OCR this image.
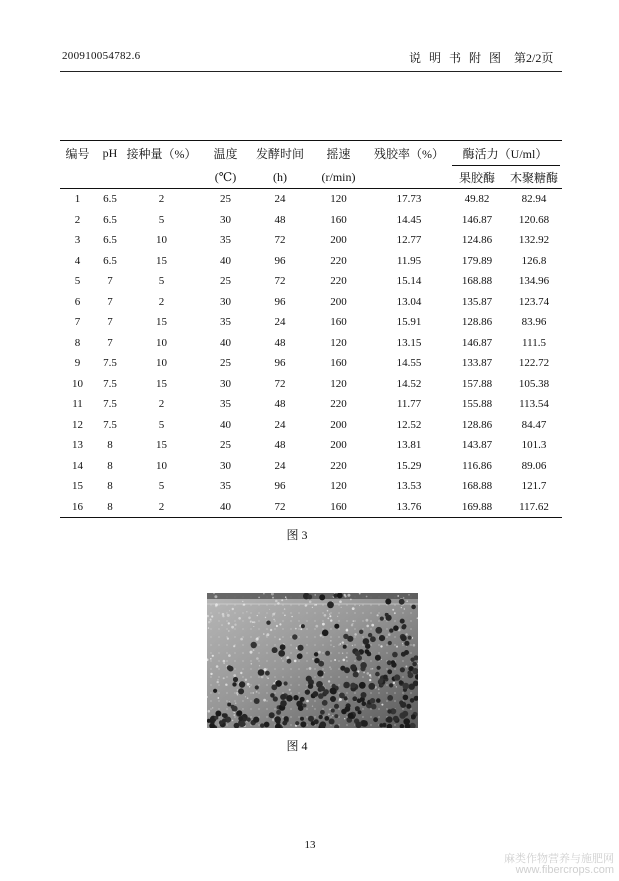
200910054782.6	说明书附图 第2/2页
编号	pH	接种量（%）	温度	发酵时间	摇速	残胶率（%）	酶活力（U/ml）	
			(℃)	(h)	(r/min)		果胶酶	木聚糖酶
1	6.5	2	25	24	120	17.73	49.82	82.94
2	6.5	5	30	48	160	14.45	146.87	120.68
3	6.5	10	35	72	200	12.77	124.86	132.92
4	6.5	15	40	96	220	11.95	179.89	126.8
5	7	5	25	72	220	15.14	168.88	134.96
6	7	2	30	96	200	13.04	135.87	123.74
7	7	15	35	24	160	15.91	128.86	83.96
8	7	10	40	48	120	13.15	146.87	111.5
9	7.5	10	25	96	160	14.55	133.87	122.72
10	7.5	15	30	72	120	14.52	157.88	105.38
11	7.5	2	35	48	220	11.77	155.88	113.54
12	7.5	5	40	24	200	12.52	128.86	84.47
13	8	15	25	48	200	13.81	143.87	101.3
14	8	10	30	24	220	15.29	116.86	89.06
15	8	5	35	96	120	13.53	168.88	121.7
16	8	2	40	72	160	13.76	169.88	117.62
图 3
图 4
13
麻类作物营养与施肥网
www.fibercrops.com
